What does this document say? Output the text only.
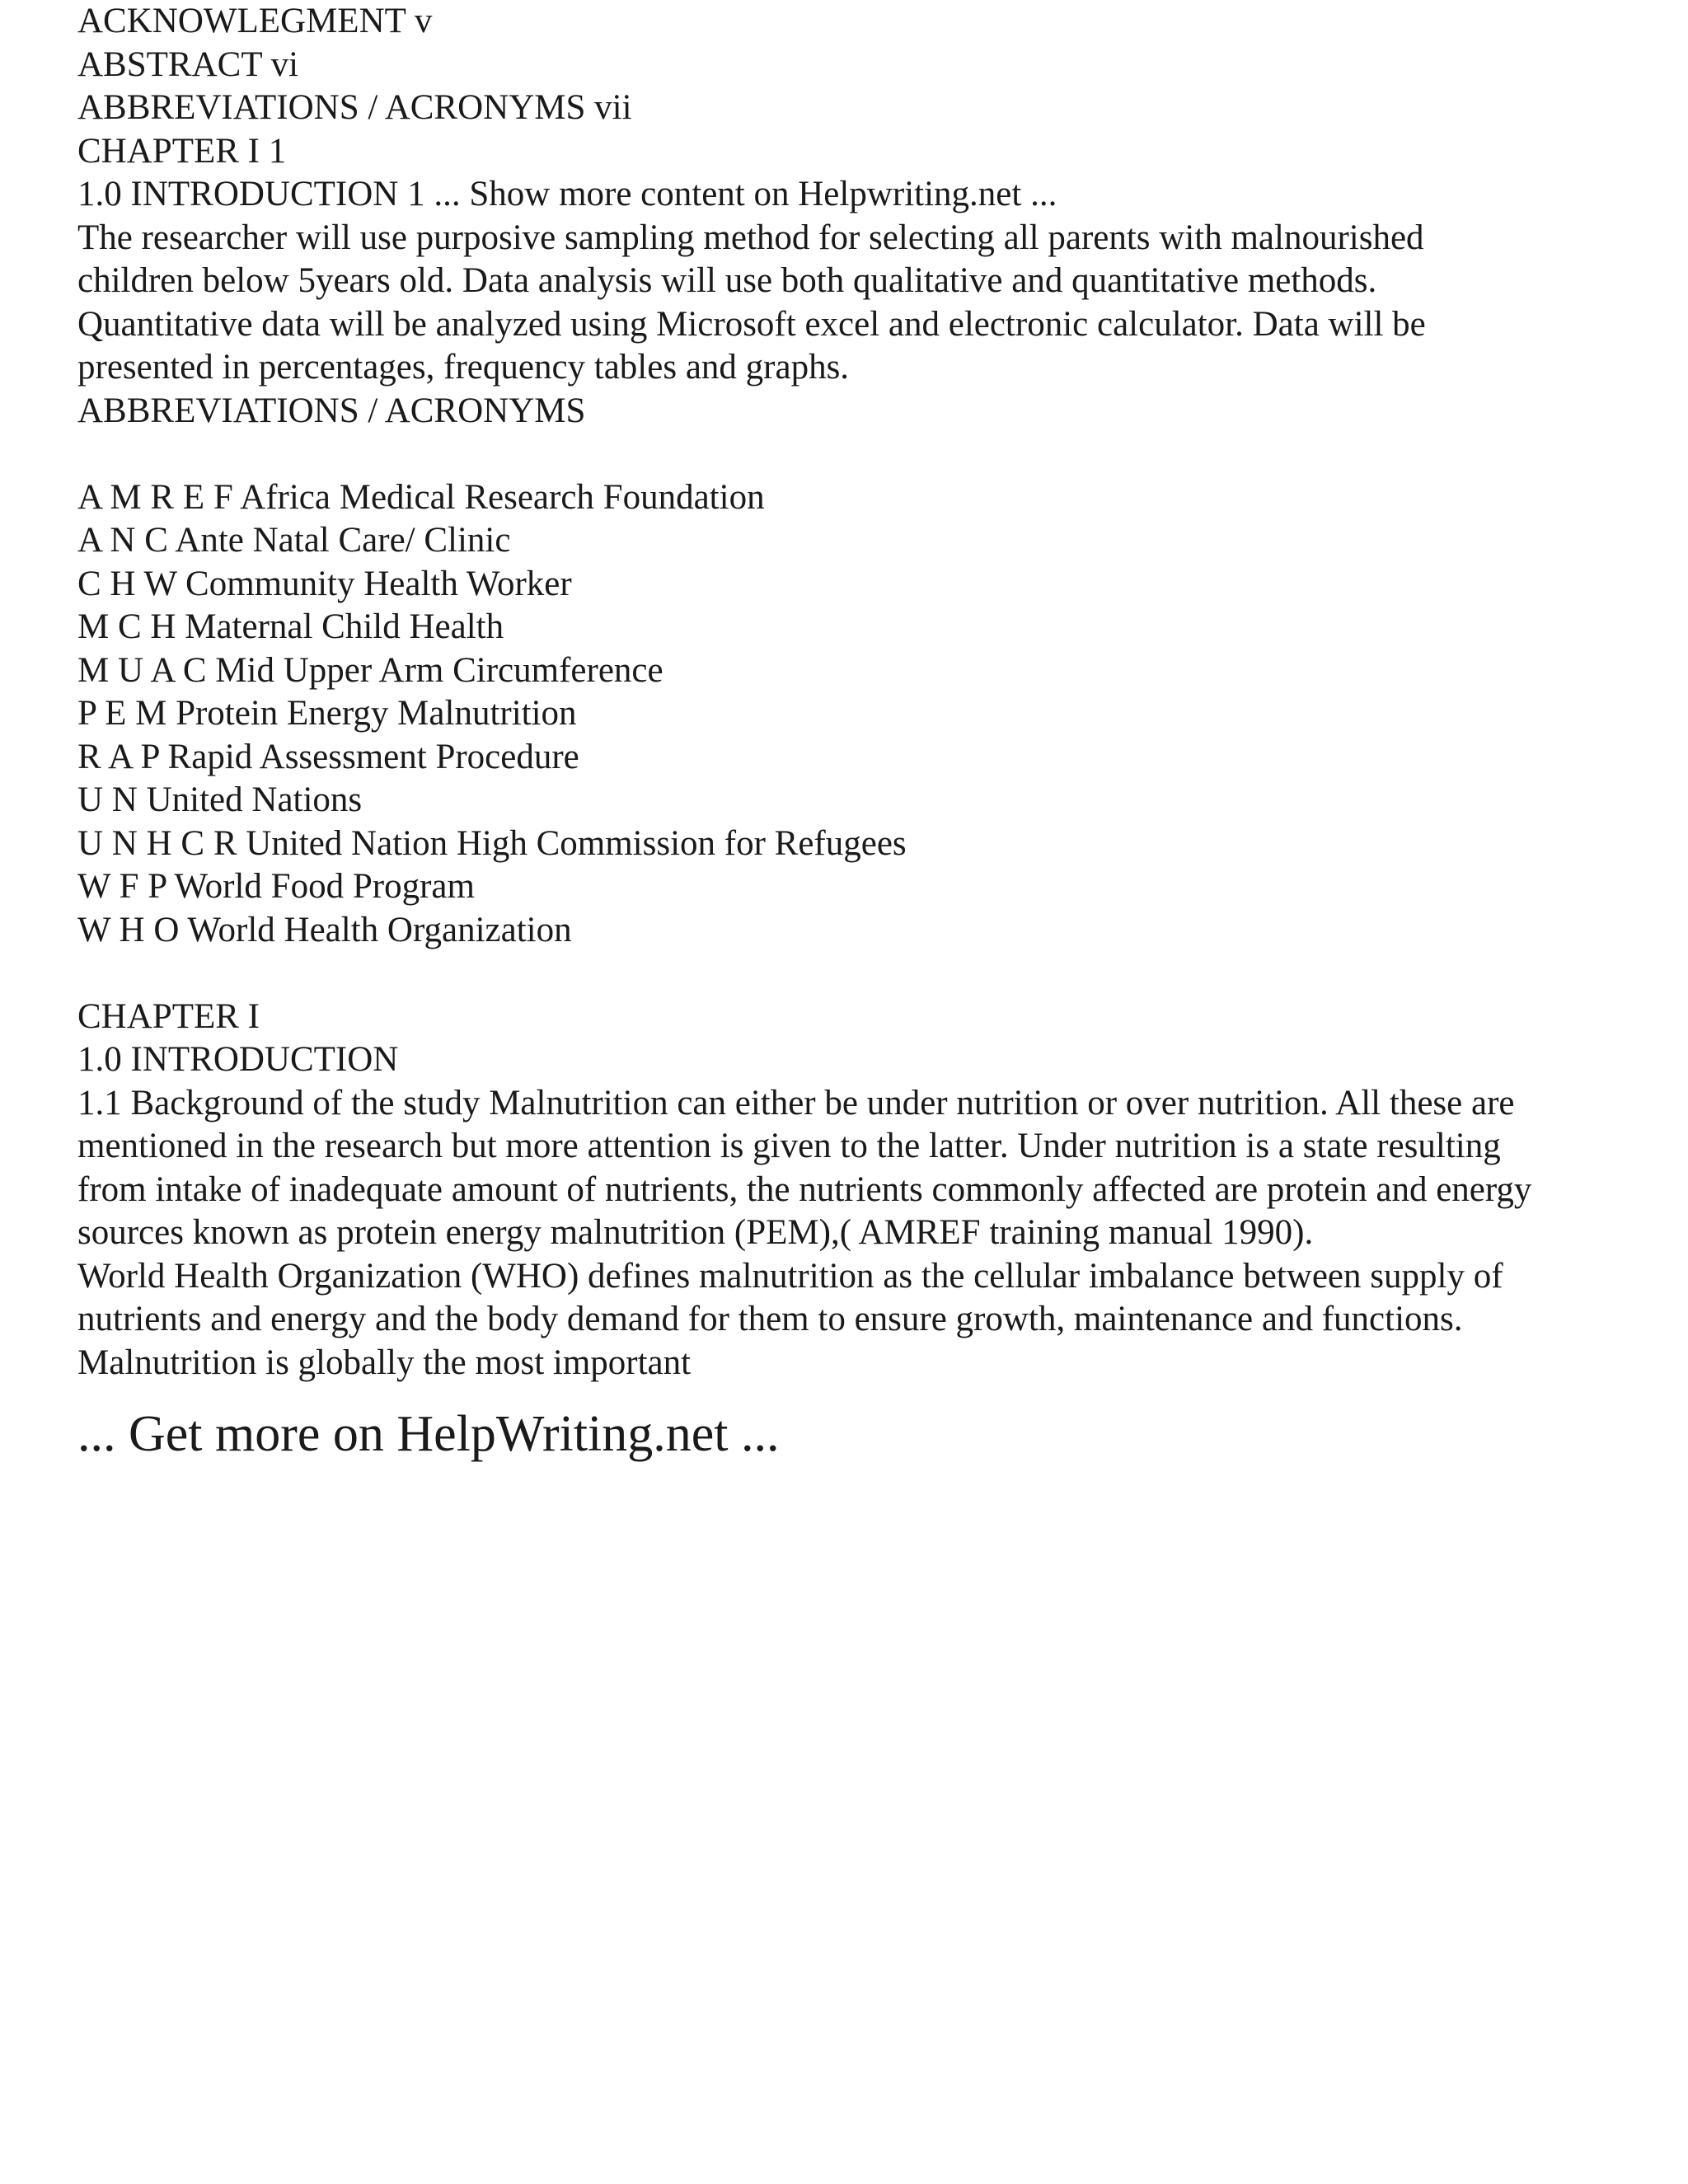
ACKNOWLEGMENT v
ABSTRACT vi
ABBREVIATIONS / ACRONYMS vii
CHAPTER I 1
1.0 INTRODUCTION 1 ... Show more content on Helpwriting.net ...
The researcher will use purposive sampling method for selecting all parents with malnourished
children below 5years old. Data analysis will use both qualitative and quantitative methods.
Quantitative data will be analyzed using Microsoft excel and electronic calculator. Data will be
presented in percentages, frequency tables and graphs.
ABBREVIATIONS / ACRONYMS
A M R E F Africa Medical Research Foundation
A N C Ante Natal Care/ Clinic
C H W Community Health Worker
M C H Maternal Child Health
M U A C Mid Upper Arm Circumference
P E M Protein Energy Malnutrition
R A P Rapid Assessment Procedure
U N United Nations
U N H C R United Nation High Commission for Refugees
W F P World Food Program
W H O World Health Organization
CHAPTER I
1.0 INTRODUCTION
1.1 Background of the study Malnutrition can either be under nutrition or over nutrition. All these are
mentioned in the research but more attention is given to the latter. Under nutrition is a state resulting
from intake of inadequate amount of nutrients, the nutrients commonly affected are protein and energy
sources known as protein energy malnutrition (PEM),( AMREF training manual 1990).
World Health Organization (WHO) defines malnutrition as the cellular imbalance between supply of
nutrients and energy and the body demand for them to ensure growth, maintenance and functions.
Malnutrition is globally the most important
... Get more on HelpWriting.net ...
